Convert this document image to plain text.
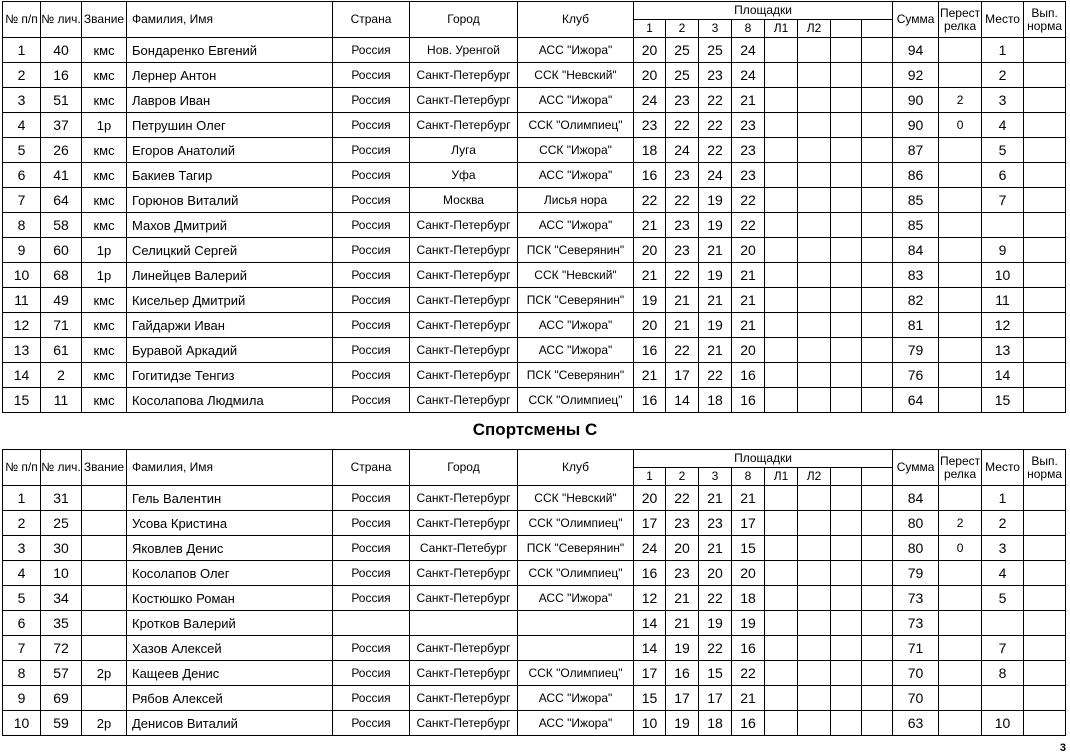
№ п/п	№ лич.	Звание	Фамилия, Имя	Страна	Город	Клуб	Площадки								Сумма	Перест релка	Место	Вып. норма
							1	2	3	8	Л1	Л2						
1	40	кмс	Бондаренко Евгений	Россия	Нов. Уренгой	АСС "Ижора"	20	25	25	24					94		1	
2	16	кмс	Лернер Антон	Россия	Санкт-Петербург	ССК "Невский"	20	25	23	24					92		2	
3	51	кмс	Лавров Иван	Россия	Санкт-Петербург	АСС "Ижора"	24	23	22	21					90	2	3	
4	37	1р	Петрушин Олег	Россия	Санкт-Петербург	ССК "Олимпиец"	23	22	22	23					90	0	4	
5	26	кмс	Егоров Анатолий	Россия	Луга	ССК "Ижора"	18	24	22	23					87		5	
6	41	кмс	Бакиев Тагир	Россия	Уфа	АСС "Ижора"	16	23	24	23					86		6	
7	64	кмс	Горюнов Виталий	Россия	Москва	Лисья нора	22	22	19	22					85		7	
8	58	кмс	Махов Дмитрий	Россия	Санкт-Петербург	АСС "Ижора"	21	23	19	22					85			
9	60	1р	Селицкий Сергей	Россия	Санкт-Петербург	ПСК "Северянин"	20	23	21	20					84		9	
10	68	1р	Линейцев Валерий	Россия	Санкт-Петербург	ССК "Невский"	21	22	19	21					83		10	
11	49	кмс	Кисельер Дмитрий	Россия	Санкт-Петербург	ПСК "Северянин"	19	21	21	21					82		11	
12	71	кмс	Гайдаржи Иван	Россия	Санкт-Петербург	АСС "Ижора"	20	21	19	21					81		12	
13	61	кмс	Буравой Аркадий	Россия	Санкт-Петербург	АСС "Ижора"	16	22	21	20					79		13	
14	2	кмс	Гогитидзе Тенгиз	Россия	Санкт-Петербург	ПСК "Северянин"	21	17	22	16					76		14	
15	11	кмс	Косолапова Людмила	Россия	Санкт-Петербург	ССК "Олимпиец"	16	14	18	16					64		15	
Спортсмены С
№ п/п	№ лич.	Звание	Фамилия, Имя	Страна	Город	Клуб	Площадки								Сумма	Перест релка	Место	Вып. норма
							1	2	3	8	Л1	Л2						
1	31		Гель Валентин	Россия	Санкт-Петербург	ССК "Невский"	20	22	21	21					84		1	
2	25		Усова Кристина	Россия	Санкт-Петербург	ССК "Олимпиец"	17	23	23	17					80	2	2	
3	30		Яковлев Денис	Россия	Санкт-Петебург	ПСК "Северянин"	24	20	21	15					80	0	3	
4	10		Косолапов Олег	Россия	Санкт-Петербург	ССК "Олимпиец"	16	23	20	20					79		4	
5	34		Костюшко Роман	Россия	Санкт-Петербург	АСС "Ижора"	12	21	22	18					73		5	
6	35		Кротков Валерий				14	21	19	19					73			
7	72		Хазов Алексей	Россия	Санкт-Петербург		14	19	22	16					71		7	
8	57	2р	Кащеев Денис	Россия	Санкт-Петербург	ССК "Олимпиец"	17	16	15	22					70		8	
9	69		Рябов Алексей	Россия	Санкт-Петербург	АСС "Ижора"	15	17	17	21					70			
10	59	2р	Денисов Виталий	Россия	Санкт-Петербург	АСС "Ижора"	10	19	18	16					63		10	
3
